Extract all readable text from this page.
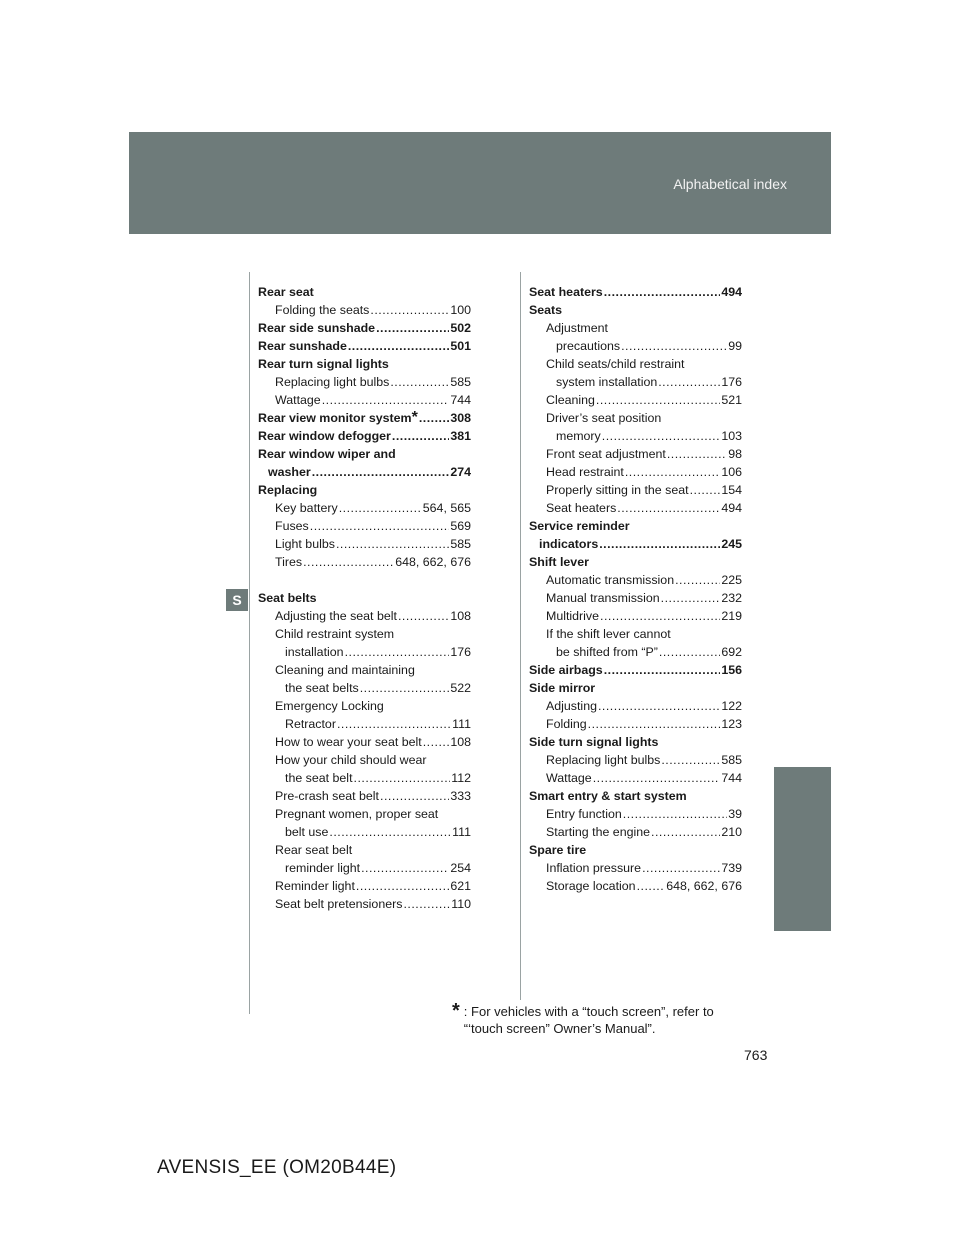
Alphabetical index
S
Rear seat
Folding the seats .....	100
Rear side sunshade .....	502
Rear sunshade .....	501
Rear turn signal lights
Replacing light bulbs .....	585
Wattage .....	744
Rear view monitor system * .....	308
Rear window defogger .....	381
Rear window wiper and
washer .....	274
Replacing
Key battery .....	564, 565
Fuses .....	569
Light bulbs .....	585
Tires .....	648, 662, 676
Seat belts
Adjusting the seat belt .....	108
Child restraint system
installation .....	176
Cleaning and maintaining
the seat belts .....	522
Emergency Locking
Retractor .....	111
How to wear your seat belt ..... 108
How your child should wear
the seat belt .....	112
Pre-crash seat belt .....	333
Pregnant women, proper seat
belt use .....	111
Rear seat belt
reminder light .....	254
Reminder light .....	621
Seat belt pretensioners .....	110
Seat heaters .....	494
Seats
Adjustment
precautions .....	99
Child seats/child restraint
system installation .....	176
Cleaning .....	521
Driver’s seat position
memory .....	103
Front seat adjustment .....	98
Head restraint .....	106
Properly sitting in the seat .....	154
Seat heaters .....	494
Service reminder
indicators .....	245
Shift lever
Automatic transmission .....	225
Manual transmission .....	232
Multidrive .....	219
If the shift lever cannot
be shifted from “P” .....	692
Side airbags .....	156
Side mirror
Adjusting .....	122
Folding .....	123
Side turn signal lights
Replacing light bulbs .....	585
Wattage .....	744
Smart entry & start system
Entry function .....	39
Starting the engine .....	210
Spare tire
Inflation pressure .....	739
Storage location ..... 648, 662, 676
* : For vehicles with a “touch screen”, refer to
“‘touch screen” Owner’s Manual”.
763
AVENSIS_EE (OM20B44E)
